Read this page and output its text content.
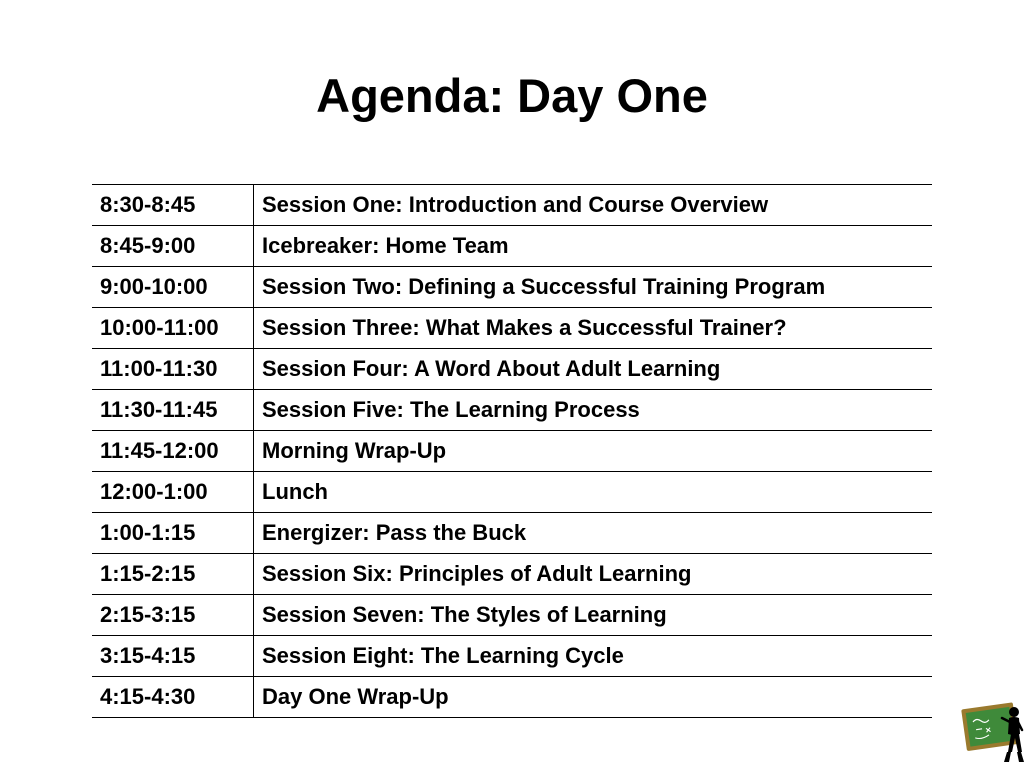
Agenda: Day One
8:30-8:45	Session One: Introduction and Course Overview
8:45-9:00	Icebreaker: Home Team
9:00-10:00	Session Two: Defining a Successful Training Program
10:00-11:00	Session Three: What Makes a Successful Trainer?
11:00-11:30	Session Four: A Word About Adult Learning
11:30-11:45	Session Five: The Learning Process
11:45-12:00	Morning Wrap-Up
12:00-1:00	Lunch
1:00-1:15	Energizer: Pass the Buck
1:15-2:15	Session Six: Principles of Adult Learning
2:15-3:15	Session Seven: The Styles of Learning
3:15-4:15	Session Eight: The Learning Cycle
4:15-4:30	Day One Wrap-Up
